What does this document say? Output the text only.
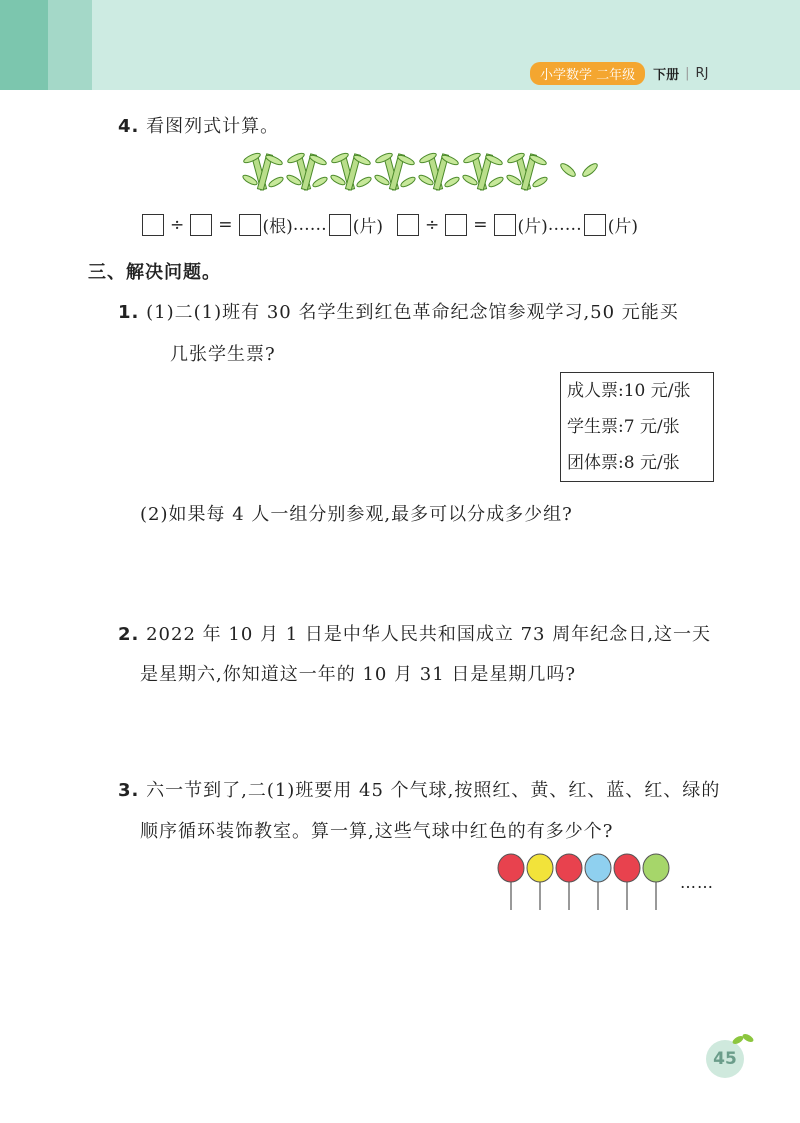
小学数学 二年级	下册 | RJ
4. 看图列式计算。
÷ = (根) …… (片) ÷ = (片) …… (片)
三、解决问题。
1. (1)二(1)班有 30 名学生到红色革命纪念馆参观学习,50 元能买
几张学生票?
成人票:10 元/张
学生票:7 元/张
团体票:8 元/张
(2)如果每 4 人一组分别参观,最多可以分成多少组?
2. 2022 年 10 月 1 日是中华人民共和国成立 73 周年纪念日,这一天
是星期六,你知道这一年的 10 月 31 日是星期几吗?
3. 六一节到了,二(1)班要用 45 个气球,按照红、黄、红、蓝、红、绿的
顺序循环装饰教室。算一算,这些气球中红色的有多少个?
……
45
